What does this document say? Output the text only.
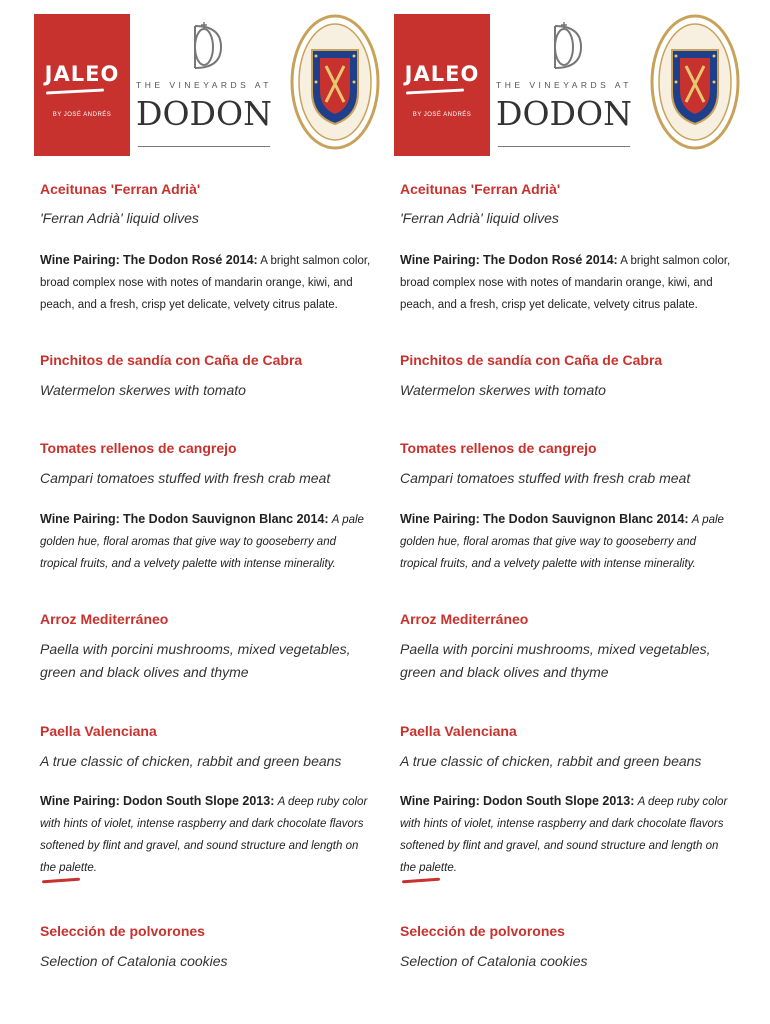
JALEO
BY JOSÉ ANDRÉS
THE VINEYARDS AT
DODON
Aceitunas 'Ferran Adrià'
'Ferran Adrià' liquid olives
Wine Pairing: The Dodon Rosé 2014: A bright salmon color, broad complex nose with notes of mandarin orange, kiwi, and peach, and a fresh, crisp yet delicate, velvety citrus palate.
Pinchitos de sandía con Caña de Cabra
Watermelon skerwes with tomato
Tomates rellenos de cangrejo
Campari tomatoes stuffed with fresh crab meat
Wine Pairing: The Dodon Sauvignon Blanc 2014: A pale golden hue, floral aromas that give way to gooseberry and tropical fruits, and a velvety palette with intense minerality.
Arroz Mediterráneo
Paella with porcini mushrooms, mixed vegetables, green and black olives and thyme
Paella Valenciana
A true classic of chicken, rabbit and green beans
Wine Pairing: Dodon South Slope 2013: A deep ruby color with hints of violet, intense raspberry and dark chocolate flavors softened by flint and gravel, and sound structure and length on the palette.
Selección de polvorones
Selection of Catalonia cookies
JALEO
BY JOSÉ ANDRÉS
THE VINEYARDS AT
DODON
Aceitunas 'Ferran Adrià'
'Ferran Adrià' liquid olives
Wine Pairing: The Dodon Rosé 2014: A bright salmon color, broad complex nose with notes of mandarin orange, kiwi, and peach, and a fresh, crisp yet delicate, velvety citrus palate.
Pinchitos de sandía con Caña de Cabra
Watermelon skerwes with tomato
Tomates rellenos de cangrejo
Campari tomatoes stuffed with fresh crab meat
Wine Pairing: The Dodon Sauvignon Blanc 2014: A pale golden hue, floral aromas that give way to gooseberry and tropical fruits, and a velvety palette with intense minerality.
Arroz Mediterráneo
Paella with porcini mushrooms, mixed vegetables, green and black olives and thyme
Paella Valenciana
A true classic of chicken, rabbit and green beans
Wine Pairing: Dodon South Slope 2013: A deep ruby color with hints of violet, intense raspberry and dark chocolate flavors softened by flint and gravel, and sound structure and length on the palette.
Selección de polvorones
Selection of Catalonia cookies
